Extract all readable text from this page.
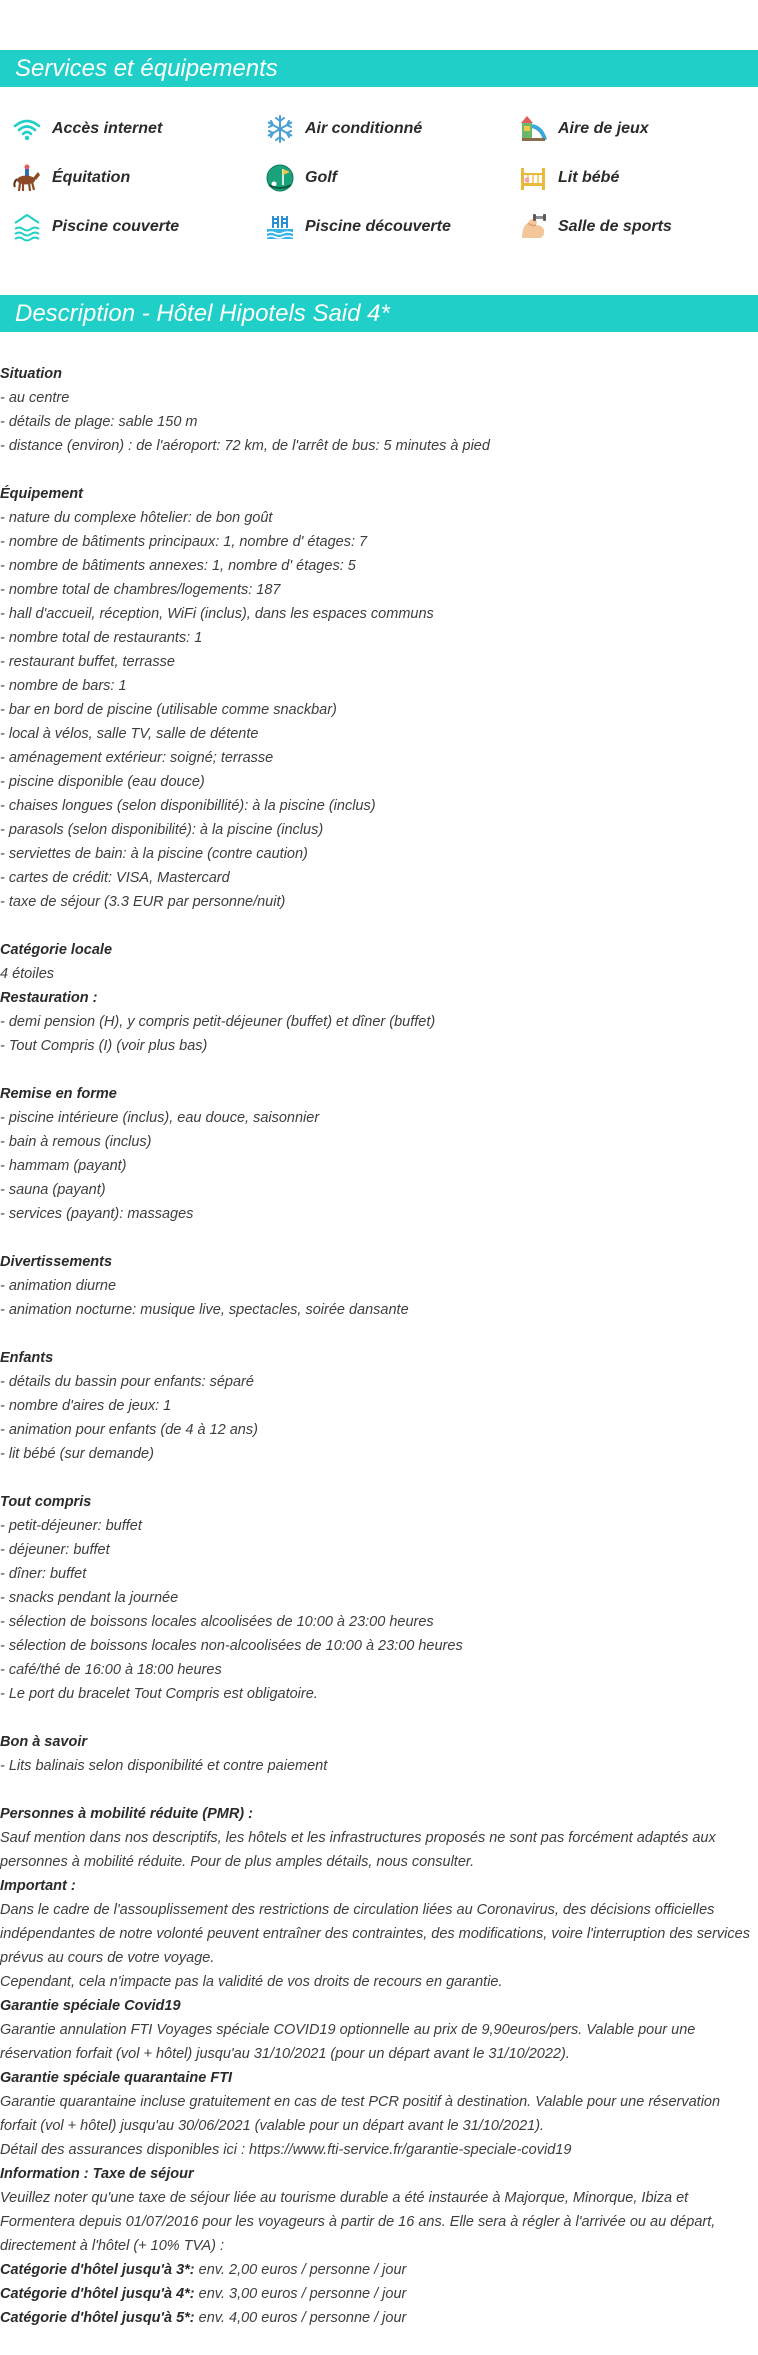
Services et équipements
Accès internet	Air conditionné	Aire de jeux
Équitation	Golf	Lit bébé
Piscine couverte	Piscine découverte	Salle de sports
Description - Hôtel Hipotels Said 4*
Situation
- au centre
- détails de plage: sable 150 m
- distance (environ) : de l'aéroport: 72 km, de l'arrêt de bus: 5 minutes à pied
Équipement
- nature du complexe hôtelier: de bon goût
- nombre de bâtiments principaux: 1, nombre d' étages: 7
- nombre de bâtiments annexes: 1, nombre d' étages: 5
- nombre total de chambres/logements: 187
- hall d'accueil, réception, WiFi (inclus), dans les espaces communs
- nombre total de restaurants: 1
- restaurant buffet, terrasse
- nombre de bars: 1
- bar en bord de piscine (utilisable comme snackbar)
- local à vélos, salle TV, salle de détente
- aménagement extérieur: soigné; terrasse
- piscine disponible (eau douce)
- chaises longues (selon disponibillité): à la piscine (inclus)
- parasols (selon disponibilité): à la piscine (inclus)
- serviettes de bain: à la piscine (contre caution)
- cartes de crédit: VISA, Mastercard
- taxe de séjour (3.3 EUR par personne/nuit)
Catégorie locale
4 étoiles
Restauration :
- demi pension (H), y compris petit-déjeuner (buffet) et dîner (buffet)
- Tout Compris (I) (voir plus bas)
Remise en forme
- piscine intérieure (inclus), eau douce, saisonnier
- bain à remous (inclus)
- hammam (payant)
- sauna (payant)
- services (payant): massages
Divertissements
- animation diurne
- animation nocturne: musique live, spectacles, soirée dansante
Enfants
- détails du bassin pour enfants: séparé
- nombre d'aires de jeux: 1
- animation pour enfants (de 4 à 12 ans)
- lit bébé (sur demande)
Tout compris
- petit-déjeuner: buffet
- déjeuner: buffet
- dîner: buffet
- snacks pendant la journée
- sélection de boissons locales alcoolisées de 10:00 à 23:00 heures
- sélection de boissons locales non-alcoolisées de 10:00 à 23:00 heures
- café/thé de 16:00 à 18:00 heures
- Le port du bracelet Tout Compris est obligatoire.
Bon à savoir
- Lits balinais selon disponibilité et contre paiement
Personnes à mobilité réduite (PMR) :
Sauf mention dans nos descriptifs, les hôtels et les infrastructures proposés ne sont pas forcément adaptés aux personnes à mobilité réduite. Pour de plus amples détails, nous consulter.
Important :
Dans le cadre de l'assouplissement des restrictions de circulation liées au Coronavirus, des décisions officielles indépendantes de notre volonté peuvent entraîner des contraintes, des modifications, voire l'interruption des services prévus au cours de votre voyage.
Cependant, cela n'impacte pas la validité de vos droits de recours en garantie.
Garantie spéciale Covid19
Garantie annulation FTI Voyages spéciale COVID19 optionnelle au prix de 9,90euros/pers. Valable pour une réservation forfait (vol + hôtel) jusqu'au 31/10/2021 (pour un départ avant le 31/10/2022).
Garantie spéciale quarantaine FTI
Garantie quarantaine incluse gratuitement en cas de test PCR positif à destination. Valable pour une réservation forfait (vol + hôtel) jusqu'au 30/06/2021 (valable pour un départ avant le 31/10/2021).
Détail des assurances disponibles ici : https://www.fti-service.fr/garantie-speciale-covid19
Information : Taxe de séjour
Veuillez noter qu'une taxe de séjour liée au tourisme durable a été instaurée à Majorque, Minorque, Ibiza et Formentera depuis 01/07/2016 pour les voyageurs à partir de 16 ans. Elle sera à régler à l'arrivée ou au départ, directement à l'hôtel (+ 10% TVA) :
Catégorie d'hôtel jusqu'à 3*: env. 2,00 euros / personne / jour
Catégorie d'hôtel jusqu'à 4*: env. 3,00 euros / personne / jour
Catégorie d'hôtel jusqu'à 5*: env. 4,00 euros / personne / jour
